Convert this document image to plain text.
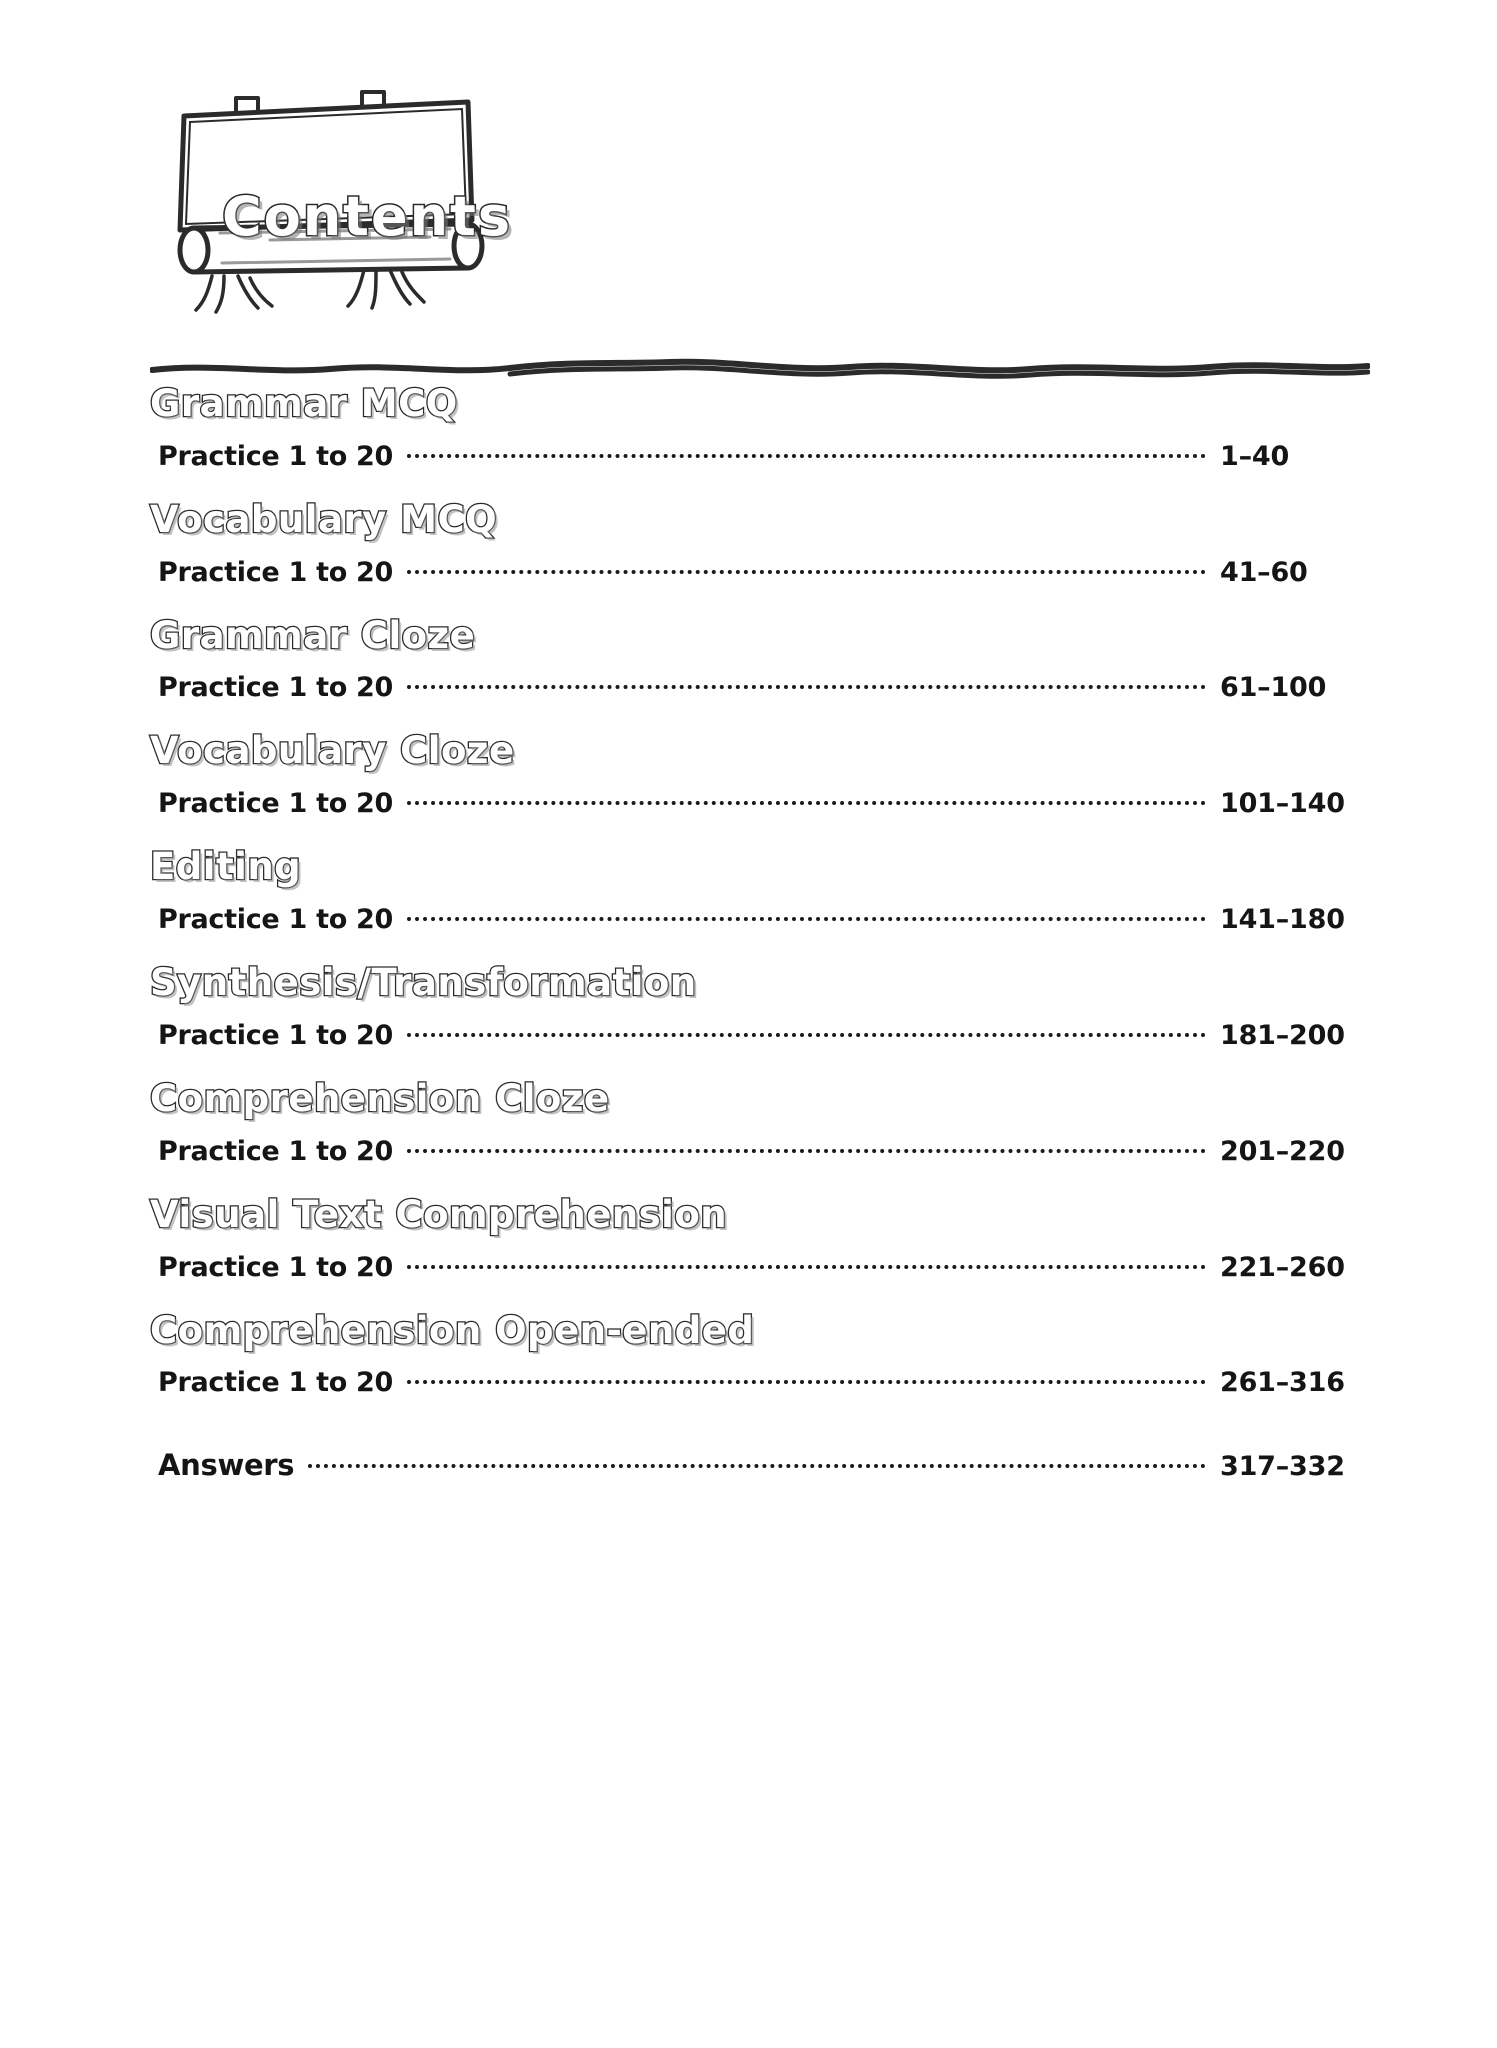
Contents
Grammar MCQ
Practice 1 to 20	1–40
Vocabulary MCQ
Practice 1 to 20	41–60
Grammar Cloze
Practice 1 to 20	61–100
Vocabulary Cloze
Practice 1 to 20	101–140
Editing
Practice 1 to 20	141–180
Synthesis/Transformation
Practice 1 to 20	181–200
Comprehension Cloze
Practice 1 to 20	201–220
Visual Text Comprehension
Practice 1 to 20	221–260
Comprehension Open-ended
Practice 1 to 20	261–316
Answers	317–332
